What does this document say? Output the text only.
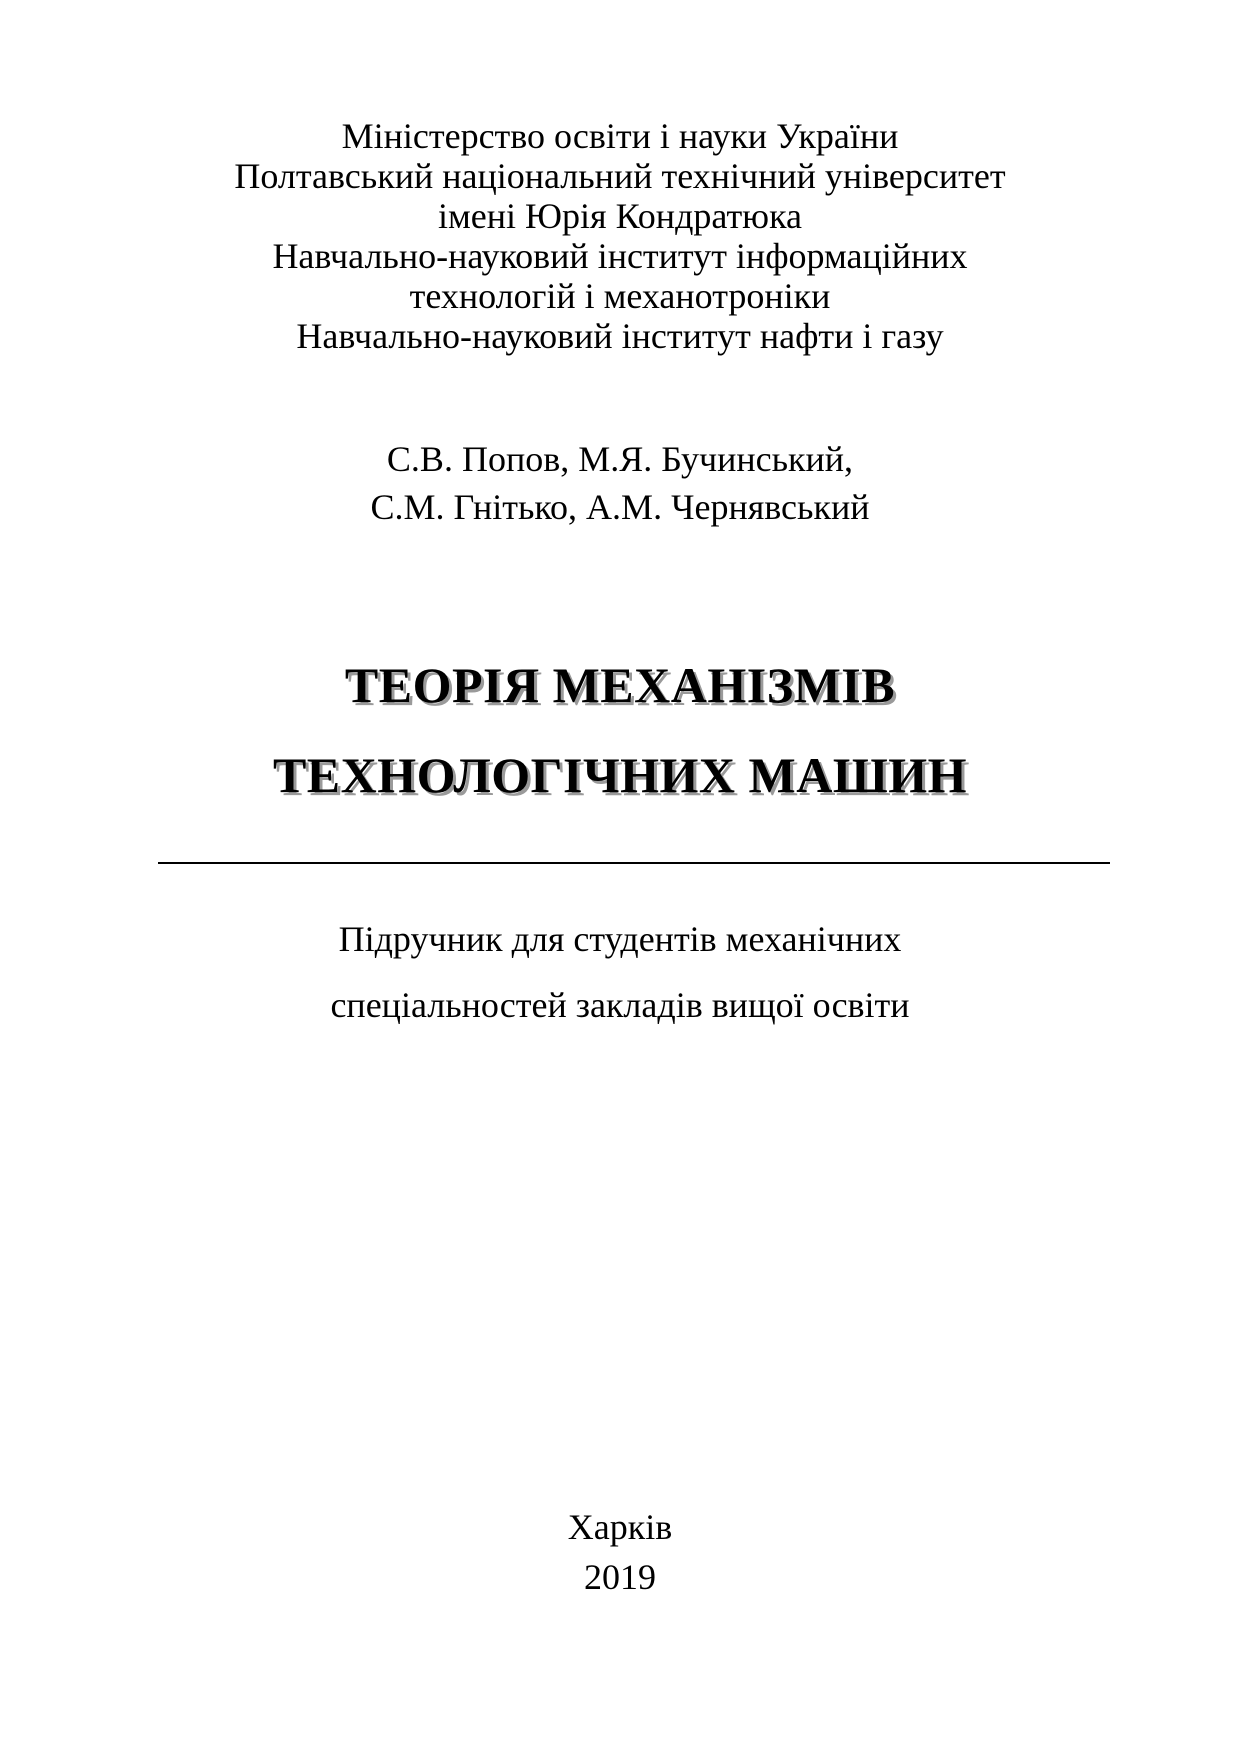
Міністерство освіти і науки України
Полтавський національний технічний університет
імені Юрія Кондратюка
Навчально-науковий інститут інформаційних
технологій і механотроніки
Навчально-науковий інститут нафти і газу
С.В. Попов, М.Я. Бучинський,
С.М. Гнітько, А.М. Чернявський
ТЕОРІЯ МЕХАНІЗМІВ
ТЕХНОЛОГІЧНИХ МАШИН
Підручник для студентів механічних
спеціальностей закладів вищої освіти
Харків
2019
